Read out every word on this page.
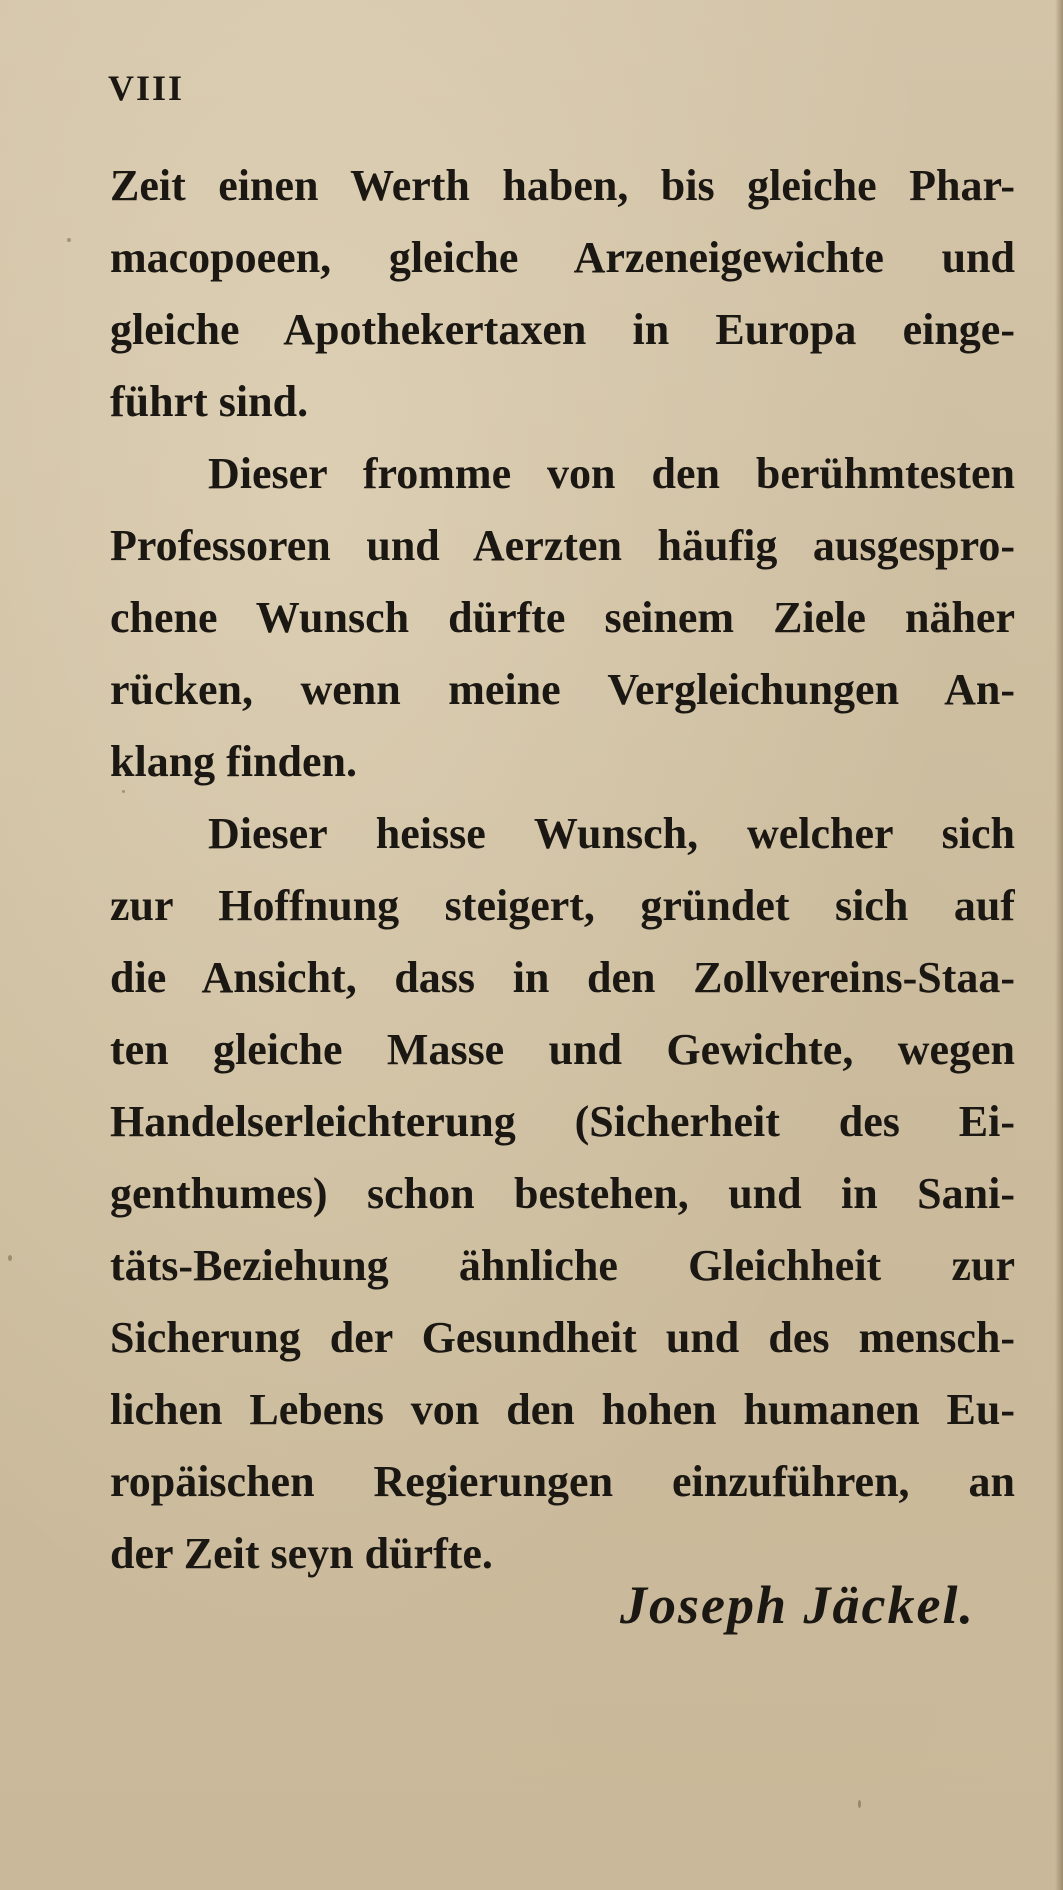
VIII
Zeit einen Werth haben, bis gleiche Phar-
macopoeen, gleiche Arzeneigewichte und
gleiche Apothekertaxen in Europa einge-
führt sind.
Dieser fromme von den berühmtesten
Professoren und Aerzten häufig ausgespro-
chene Wunsch dürfte seinem Ziele näher
rücken, wenn meine Vergleichungen An-
klang finden.
Dieser heisse Wunsch, welcher sich
zur Hoffnung steigert, gründet sich auf
die Ansicht, dass in den Zollvereins-Staa-
ten gleiche Masse und Gewichte, wegen
Handelserleichterung (Sicherheit des Ei-
genthumes) schon bestehen, und in Sani-
täts-Beziehung ähnliche Gleichheit zur
Sicherung der Gesundheit und des mensch-
lichen Lebens von den hohen humanen Eu-
ropäischen Regierungen einzuführen, an
der Zeit seyn dürfte.
Joseph Jäckel.
